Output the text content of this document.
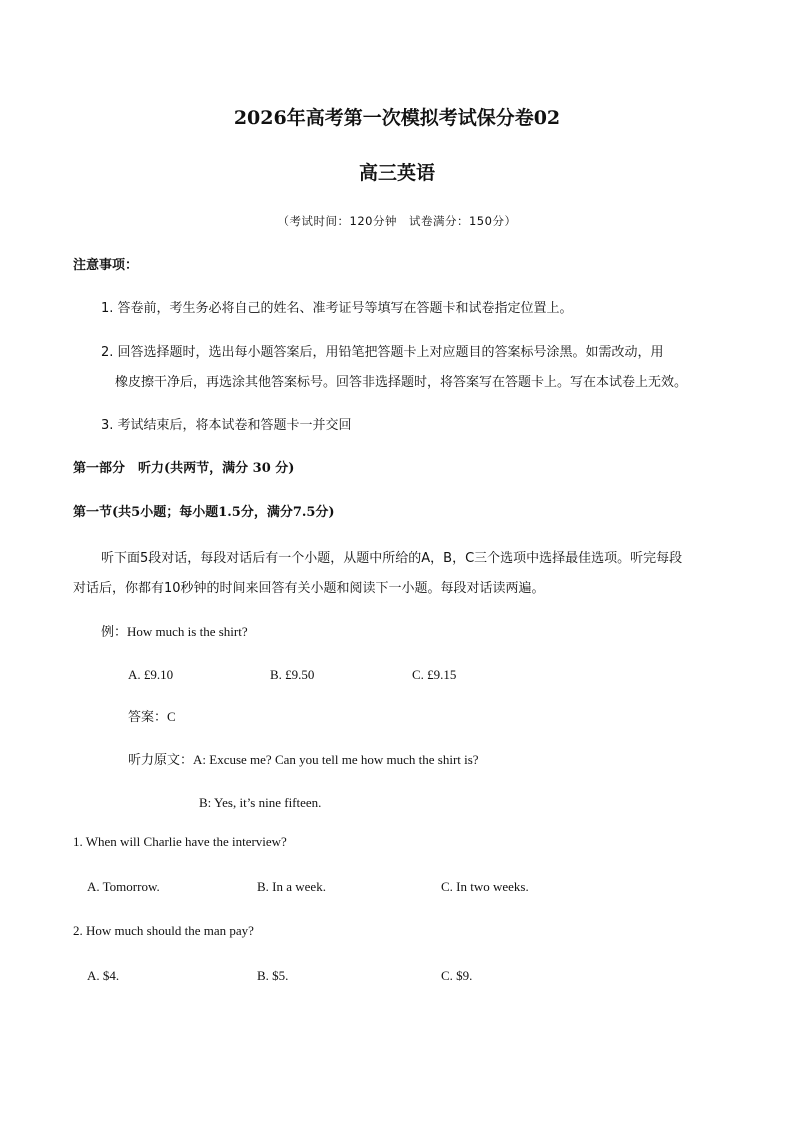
2026年高考第一次模拟考试保分卷02
高三英语
（考试时间：120分钟　试卷满分：150分）
注意事项：
1. 答卷前，考生务必将自己的姓名、准考证号等填写在答题卡和试卷指定位置上。
2. 回答选择题时，选出每小题答案后，用铅笔把答题卡上对应题目的答案标号涂黑。如需改动，用
橡皮擦干净后，再选涂其他答案标号。回答非选择题时，将答案写在答题卡上。写在本试卷上无效。
3. 考试结束后，将本试卷和答题卡一并交回
第一部分　听力(共两节，满分 30 分)
第一节(共5小题；每小题1.5分，满分7.5分)
听下面5段对话，每段对话后有一个小题，从题中所给的A，B，C三个选项中选择最佳选项。听完每段
对话后，你都有10秒钟的时间来回答有关小题和阅读下一小题。每段对话读两遍。
例：How much is the shirt?
A. £9.10	B. £9.50	C. £9.15
答案：C
听力原文：A: Excuse me? Can you tell me how much the shirt is?
B: Yes, it’s nine fifteen.
1. When will Charlie have the interview?
A. Tomorrow.	B. In a week.	C. In two weeks.
2. How much should the man pay?
A. $4.	B. $5.	C. $9.
